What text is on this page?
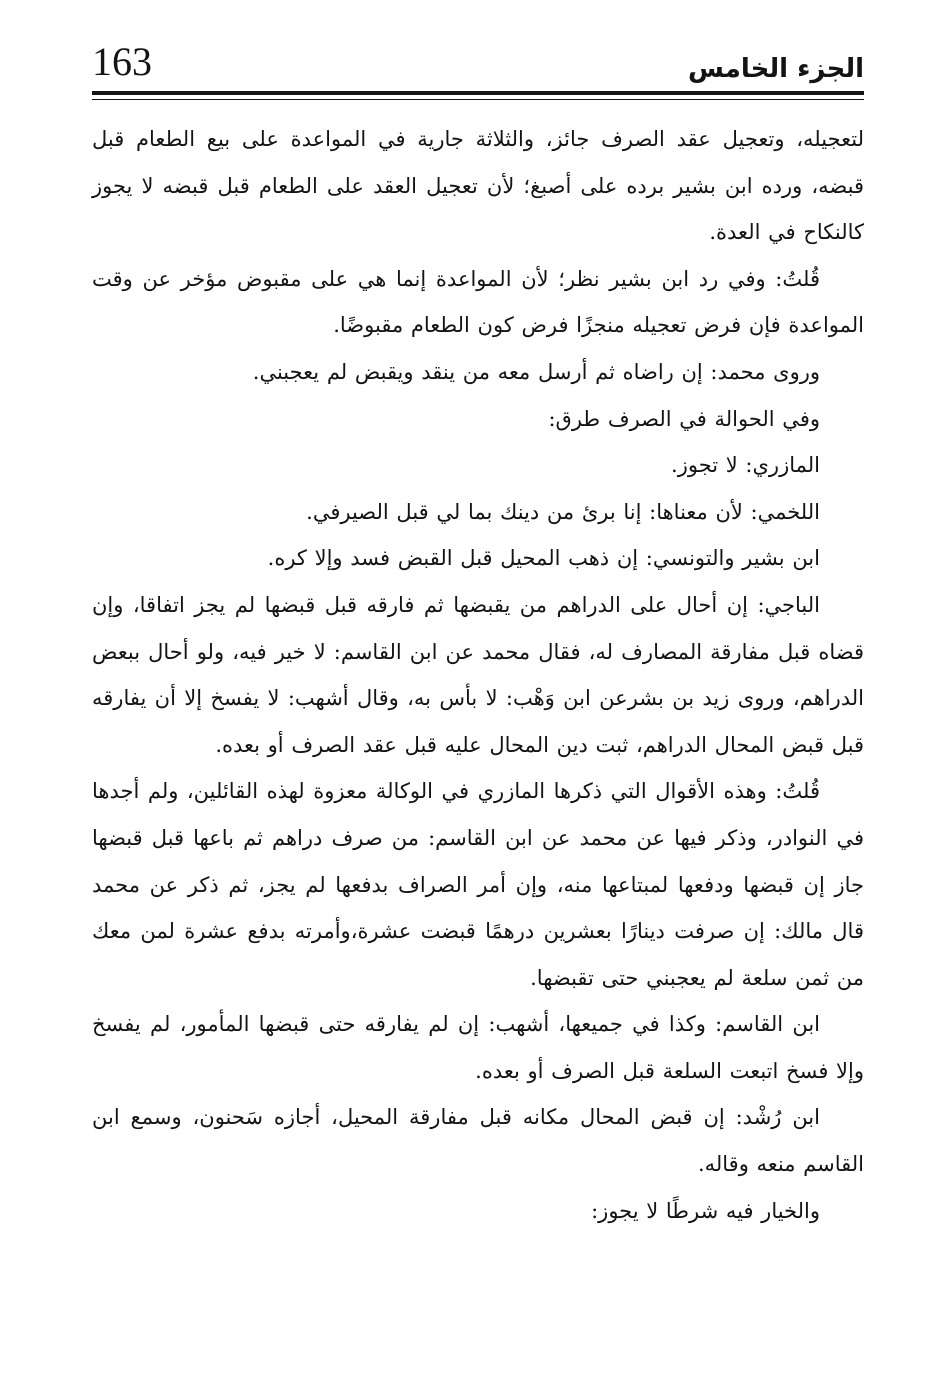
الجزء الخامس
163

لتعجيله، وتعجيل عقد الصرف جائز، والثلاثة جارية في المواعدة على بيع الطعام قبل قبضه، ورده ابن بشير برده على أصبغ؛ لأن تعجيل العقد على الطعام قبل قبضه لا يجوز كالنكاح في العدة.

قُلتُ: وفي رد ابن بشير نظر؛ لأن المواعدة إنما هي على مقبوض مؤخر عن وقت المواعدة فإن فرض تعجيله منجزًا فرض كون الطعام مقبوضًا.

وروى محمد: إن راضاه ثم أرسل معه من ينقد ويقبض لم يعجبني.

وفي الحوالة في الصرف طرق:

المازري: لا تجوز.

اللخمي: لأن معناها: إنا برئ من دينك بما لي قبل الصيرفي.

ابن بشير والتونسي: إن ذهب المحيل قبل القبض فسد وإلا كره.

الباجي: إن أحال على الدراهم من يقبضها ثم فارقه قبل قبضها لم يجز اتفاقا، وإن قضاه قبل مفارقة المصارف له، فقال محمد عن ابن القاسم: لا خير فيه، ولو أحال ببعض الدراهم، وروى زيد بن بشرعن ابن وَهْب: لا بأس به، وقال أشهب: لا يفسخ إلا أن يفارقه قبل قبض المحال الدراهم، ثبت دين المحال عليه قبل عقد الصرف أو بعده.

قُلتُ: وهذه الأقوال التي ذكرها المازري في الوكالة معزوة لهذه القائلين، ولم أجدها في النوادر، وذكر فيها عن محمد عن ابن القاسم: من صرف دراهم ثم باعها قبل قبضها جاز إن قبضها ودفعها لمبتاعها منه، وإن أمر الصراف بدفعها لم يجز، ثم ذكر عن محمد قال مالك: إن صرفت دينارًا بعشرين درهمًا قبضت عشرة،وأمرته بدفع عشرة لمن معك من ثمن سلعة لم يعجبني حتى تقبضها.

ابن القاسم: وكذا في جميعها، أشهب: إن لم يفارقه حتى قبضها المأمور، لم يفسخ وإلا فسخ اتبعت السلعة قبل الصرف أو بعده.

ابن رُشْد: إن قبض المحال مكانه قبل مفارقة المحيل، أجازه سَحنون، وسمع ابن القاسم منعه وقاله.

والخيار فيه شرطًا لا يجوز:
